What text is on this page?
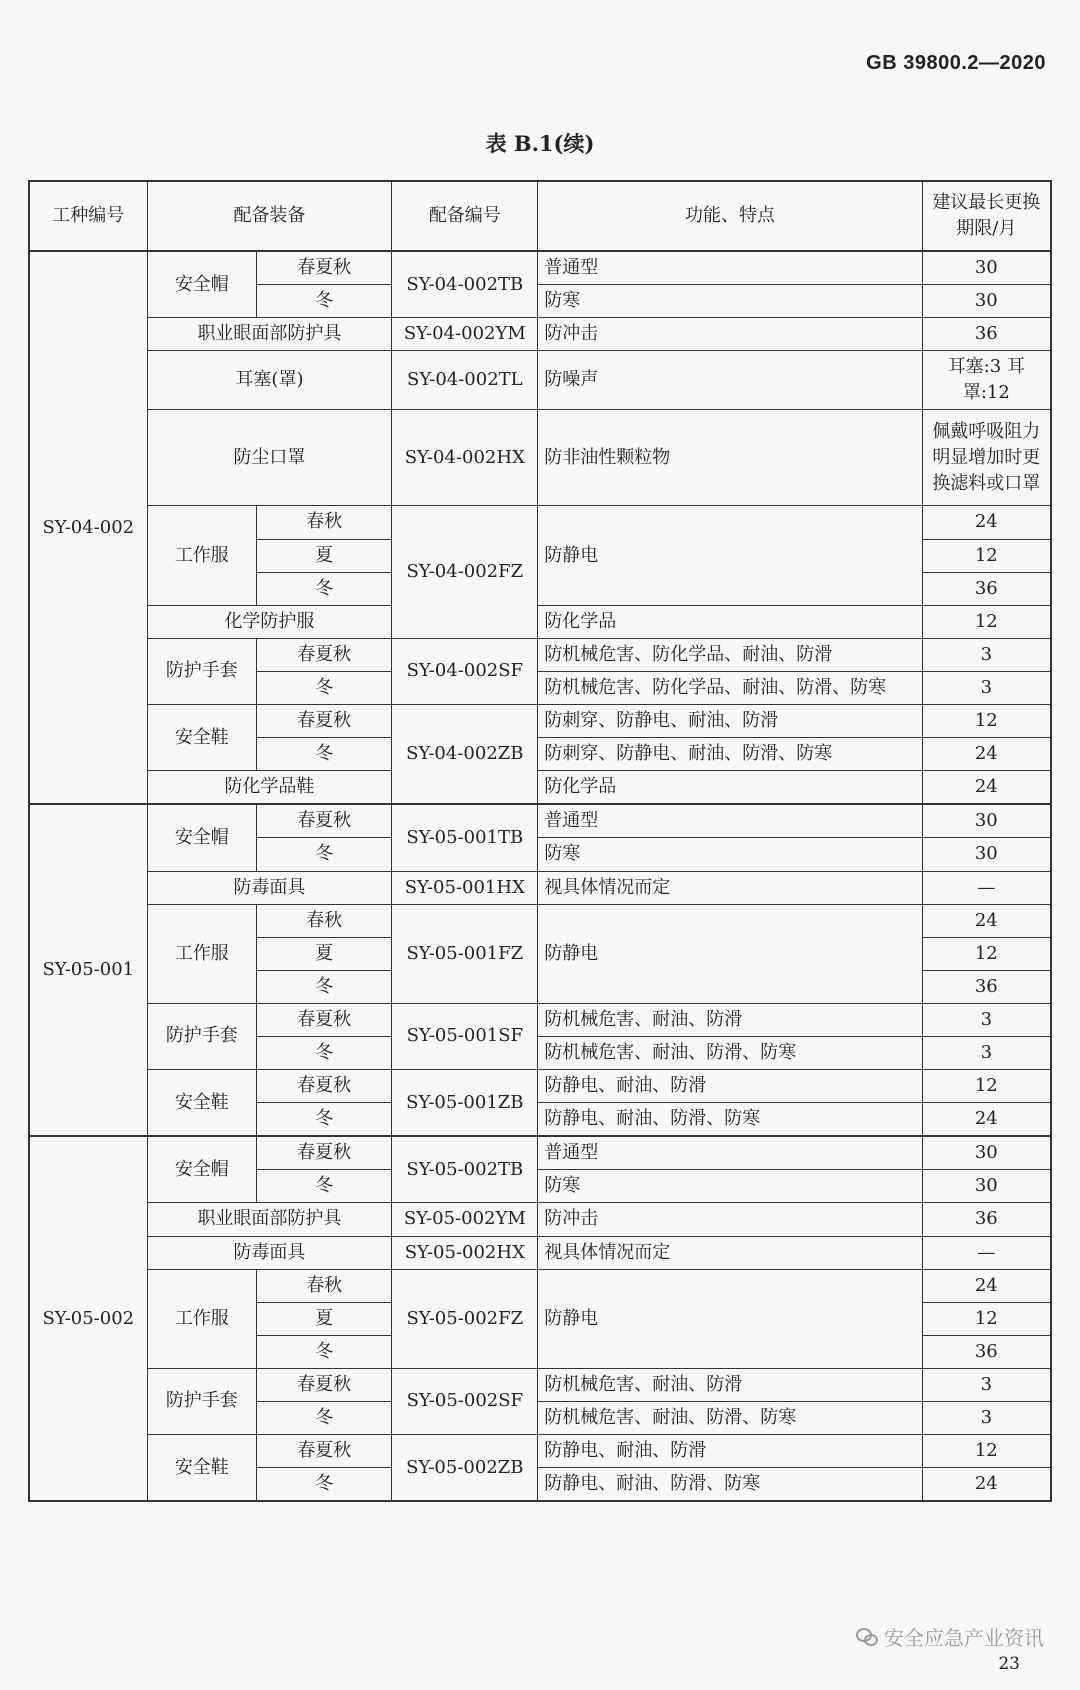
GB 39800.2—2020
表 B.1(续)
工种编号	配备装备		配备编号	功能、特点	建议最长更换期限/月
SY-04-002	安全帽	春夏秋	SY-04-002TB	普通型	30
		冬		防寒	30
	职业眼面部防护具		SY-04-002YM	防冲击	36
	耳塞(罩)		SY-04-002TL	防噪声	耳塞:3 耳罩:12
	防尘口罩		SY-04-002HX	防非油性颗粒物	佩戴呼吸阻力明显增加时更换滤料或口罩
	工作服	春秋	SY-04-002FZ	防静电	24
		夏			12
		冬			36
	化学防护服			防化学品	12
	防护手套	春夏秋	SY-04-002SF	防机械危害、防化学品、耐油、防滑	3
		冬		防机械危害、防化学品、耐油、防滑、防寒	3
	安全鞋	春夏秋	SY-04-002ZB	防刺穿、防静电、耐油、防滑	12
		冬		防刺穿、防静电、耐油、防滑、防寒	24
	防化学品鞋			防化学品	24
SY-05-001	安全帽	春夏秋	SY-05-001TB	普通型	30
		冬		防寒	30
	防毒面具		SY-05-001HX	视具体情况而定	—
	工作服	春秋	SY-05-001FZ	防静电	24
		夏			12
		冬			36
	防护手套	春夏秋	SY-05-001SF	防机械危害、耐油、防滑	3
		冬		防机械危害、耐油、防滑、防寒	3
	安全鞋	春夏秋	SY-05-001ZB	防静电、耐油、防滑	12
		冬		防静电、耐油、防滑、防寒	24
SY-05-002	安全帽	春夏秋	SY-05-002TB	普通型	30
		冬		防寒	30
	职业眼面部防护具		SY-05-002YM	防冲击	36
	防毒面具		SY-05-002HX	视具体情况而定	—
	工作服	春秋	SY-05-002FZ	防静电	24
		夏			12
		冬			36
	防护手套	春夏秋	SY-05-002SF	防机械危害、耐油、防滑	3
		冬		防机械危害、耐油、防滑、防寒	3
	安全鞋	春夏秋	SY-05-002ZB	防静电、耐油、防滑	12
		冬		防静电、耐油、防滑、防寒	24
安全应急产业资讯
23
